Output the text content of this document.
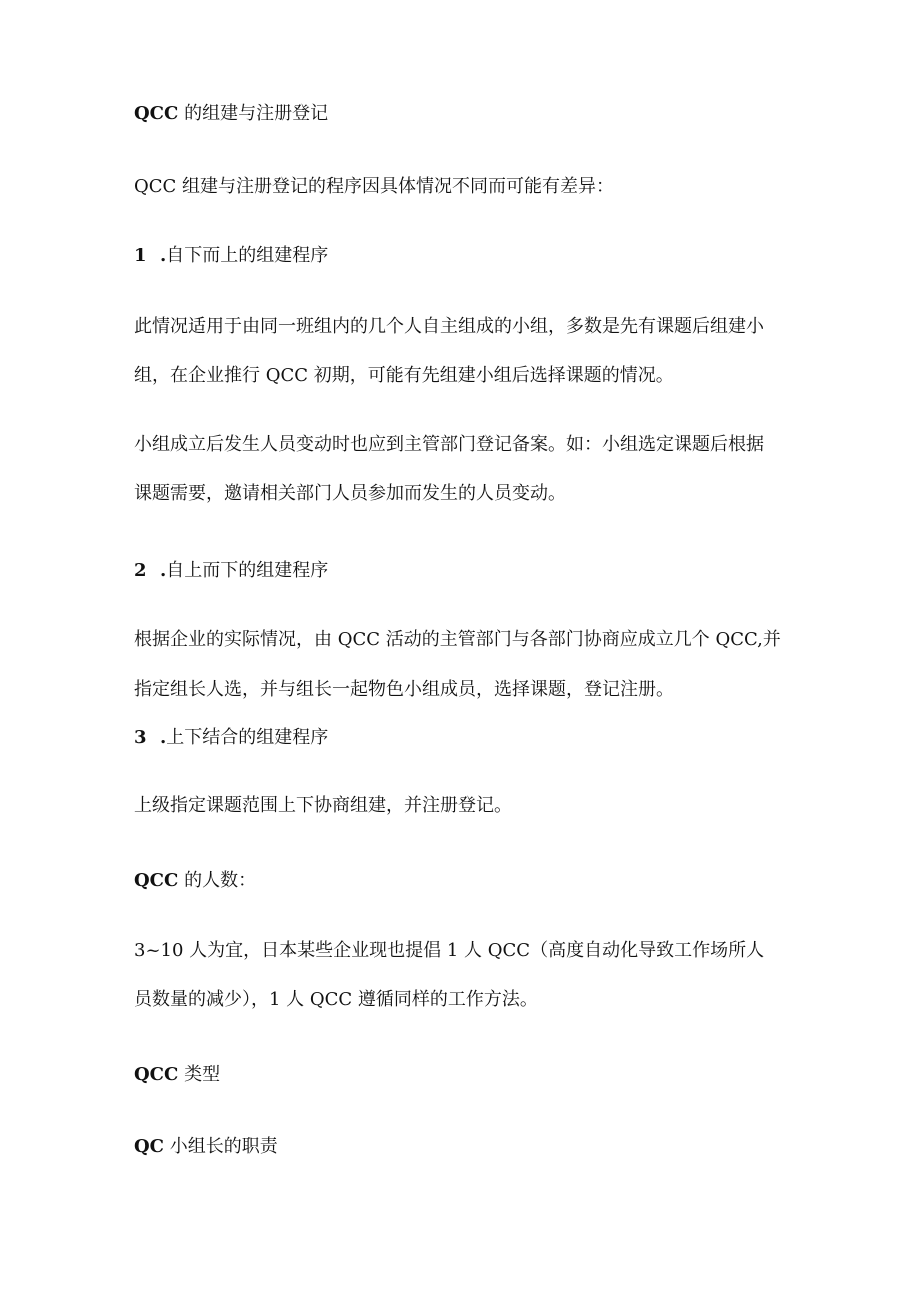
QCC 的组建与注册登记
QCC 组建与注册登记的程序因具体情况不同而可能有差异：
1 .自下而上的组建程序
此情况适用于由同一班组内的几个人自主组成的小组，多数是先有课题后组建小
组，在企业推行 QCC 初期，可能有先组建小组后选择课题的情况。
小组成立后发生人员变动时也应到主管部门登记备案。如：小组选定课题后根据
课题需要，邀请相关部门人员参加而发生的人员变动。
2 .自上而下的组建程序
根据企业的实际情况，由 QCC 活动的主管部门与各部门协商应成立几个 QCC,并
指定组长人选，并与组长一起物色小组成员，选择课题，登记注册。
3 .上下结合的组建程序
上级指定课题范围上下协商组建，并注册登记。
QCC 的人数：
3~10 人为宜，日本某些企业现也提倡 1 人 QCC（高度自动化导致工作场所人
员数量的减少），1 人 QCC 遵循同样的工作方法。
QCC 类型
QC 小组长的职责
